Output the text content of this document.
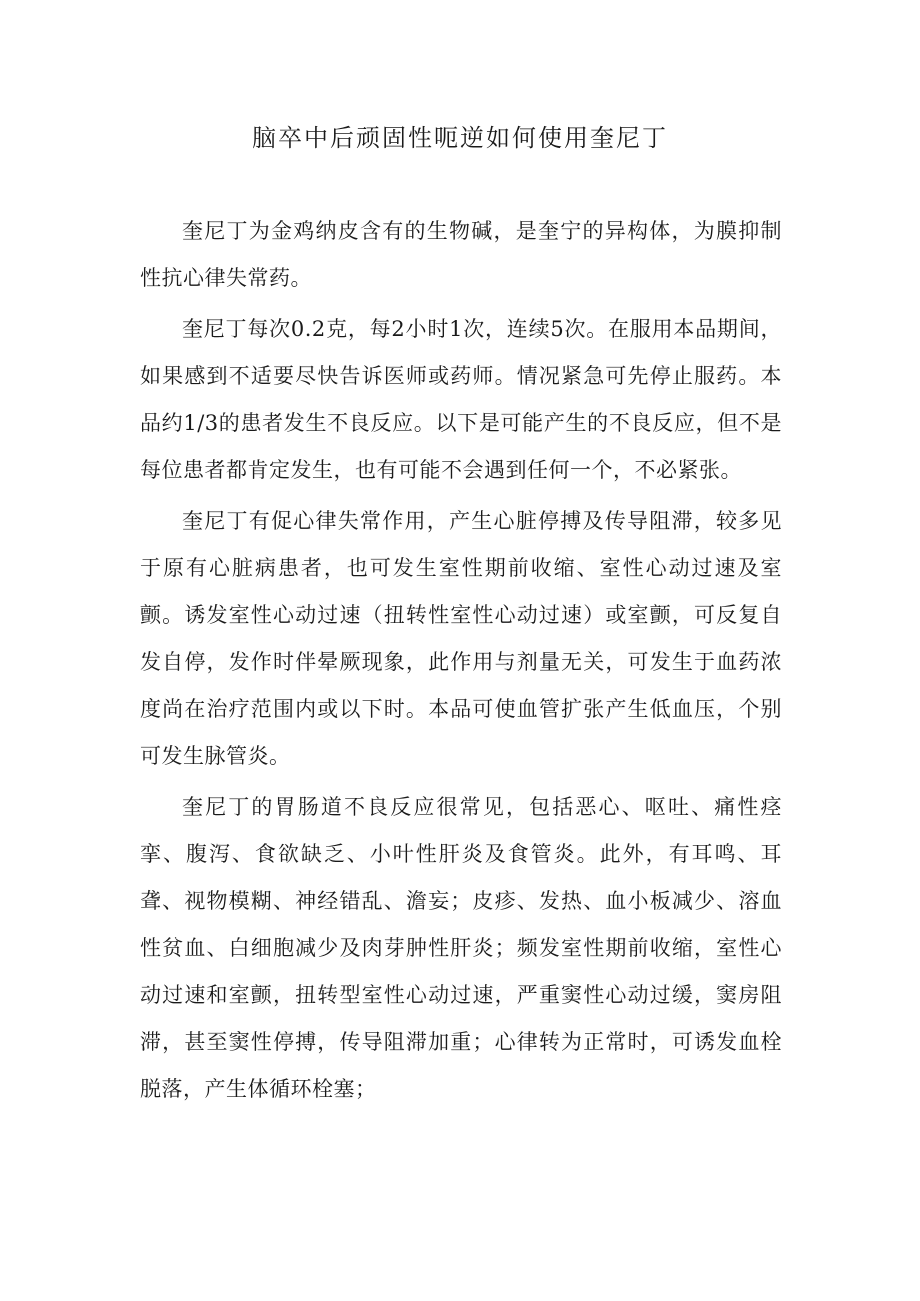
脑卒中后顽固性呃逆如何使用奎尼丁

奎尼丁为金鸡纳皮含有的生物碱，是奎宁的异构体，为膜抑制性抗心律失常药。

奎尼丁每次0.2克，每2小时1次，连续5次。在服用本品期间，如果感到不适要尽快告诉医师或药师。情况紧急可先停止服药。本品约1/3的患者发生不良反应。以下是可能产生的不良反应，但不是每位患者都肯定发生，也有可能不会遇到任何一个，不必紧张。

奎尼丁有促心律失常作用，产生心脏停搏及传导阻滞，较多见于原有心脏病患者，也可发生室性期前收缩、室性心动过速及室颤。诱发室性心动过速（扭转性室性心动过速）或室颤，可反复自发自停，发作时伴晕厥现象，此作用与剂量无关，可发生于血药浓度尚在治疗范围内或以下时。本品可使血管扩张产生低血压，个别可发生脉管炎。

奎尼丁的胃肠道不良反应很常见，包括恶心、呕吐、痛性痉挛、腹泻、食欲缺乏、小叶性肝炎及食管炎。此外，有耳鸣、耳聋、视物模糊、神经错乱、澹妄；皮疹、发热、血小板减少、溶血性贫血、白细胞减少及肉芽肿性肝炎；频发室性期前收缩，室性心动过速和室颤，扭转型室性心动过速，严重窦性心动过缓，窦房阻滞，甚至窦性停搏，传导阻滞加重；心律转为正常时，可诱发血栓脱落，产生体循环栓塞；
